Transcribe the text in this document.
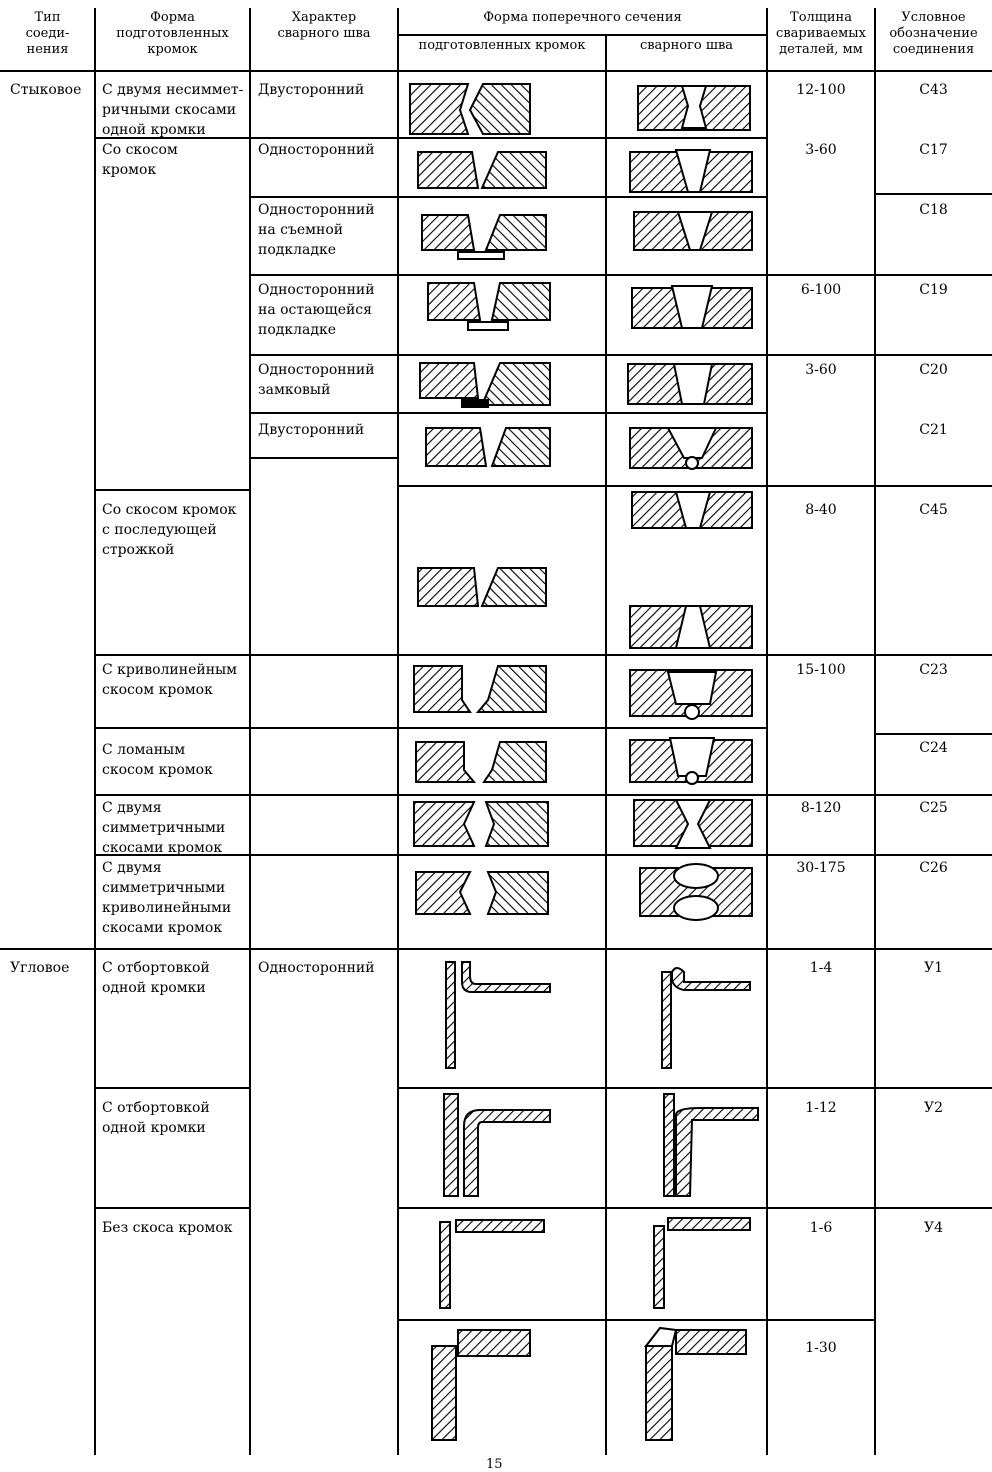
Тип
соеди-
нения
Форма
подготовленных
кромок
Характер
сварного шва
Форма поперечного сечения
подготовленных кромок	сварного шва
Толщина
свариваемых
деталей, мм
Условное
обозначение
соединения
Стыковое
Угловое
С двумя несиммет-
ричными скосами
одной кромки
Со скосом
кромок
Со скосом кромок
с последующей
строжкой
С криволинейным
скосом кромок
С ломаным
скосом кромок
С двумя
симметричными
скосами кромок
С двумя
симметричными
криволинейными
скосами кромок
С отбортовкой
одной кромки
С отбортовкой
одной кромки
Без скоса кромок
Двусторонний
Односторонний
Односторонний
на съемной
подкладке
Односторонний
на остающейся
подкладке
Односторонний
замковый
Двусторонний
Односторонний
12-100
3-60
6-100
3-60
8-40
15-100
8-120
30-175
1-4
1-12
1-6
1-30
С43
С17
С18
С19
С20
С21
С45
С23
С24
С25
С26
У1
У2
У4
15
